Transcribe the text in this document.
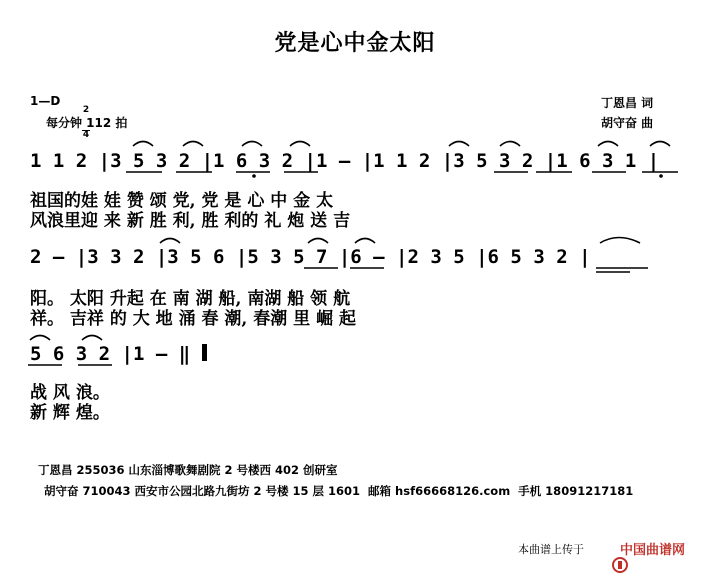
党是心中金太阳
1—D

2

4

每分钟 112 拍
丁恩昌 词
胡守奋 曲
1 1 2 |3 5 3 2 |1 6 3 2 |1 — |1 1 2 |3 5 3 2 |1 6 3 1 |
祖国的娃 娃 赞 颂 党, 党 是 心 中 金 太
风浪里迎 来 新 胜 利, 胜 利的 礼 炮 送 吉
2 — |3 3 2 |3 5 6 |5 3 5 7 |6 — |2 3 5 |6 5 3 2 |
阳。 太阳 升起 在 南 湖 船, 南湖 船 领 航
祥。 吉祥 的 大 地 涌 春 潮, 春潮 里 崛 起
5 6 3 2 |1 — ‖
战 风 浪。
新 辉 煌。
丁恩昌 255036 山东淄博歌舞剧院 2 号楼西 402 创研室
胡守奋 710043 西安市公园北路九街坊 2 号楼 15 层 1601  邮箱 hsf66668126.com  手机 18091217181
本曲谱上传于

	中国曲谱网
